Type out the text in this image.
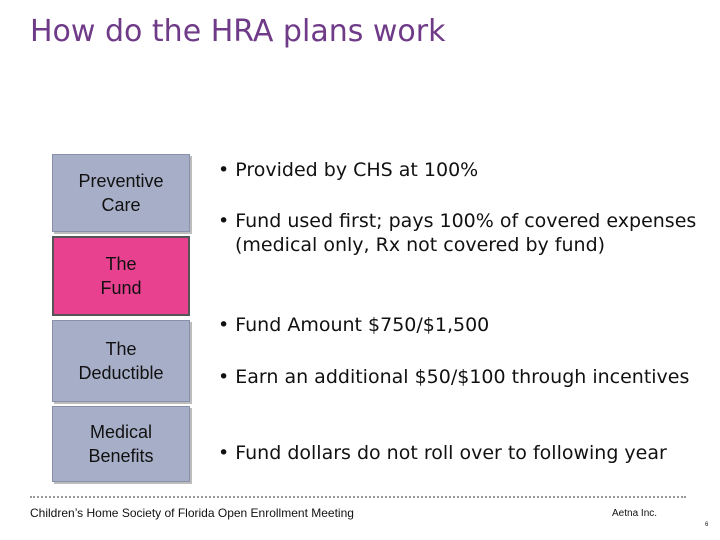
How do the HRA plans work
Preventive
Care
The
Fund
The
Deductible
Medical
Benefits
• Provided by CHS at 100%
• Fund used first; pays 100% of covered expenses (medical only, Rx not covered by fund)
• Fund Amount $750/$1,500
• Earn an additional $50/$100 through incentives
• Fund dollars do not roll over to following year
Children’s Home Society of Florida Open Enrollment Meeting	Aetna Inc.
6
